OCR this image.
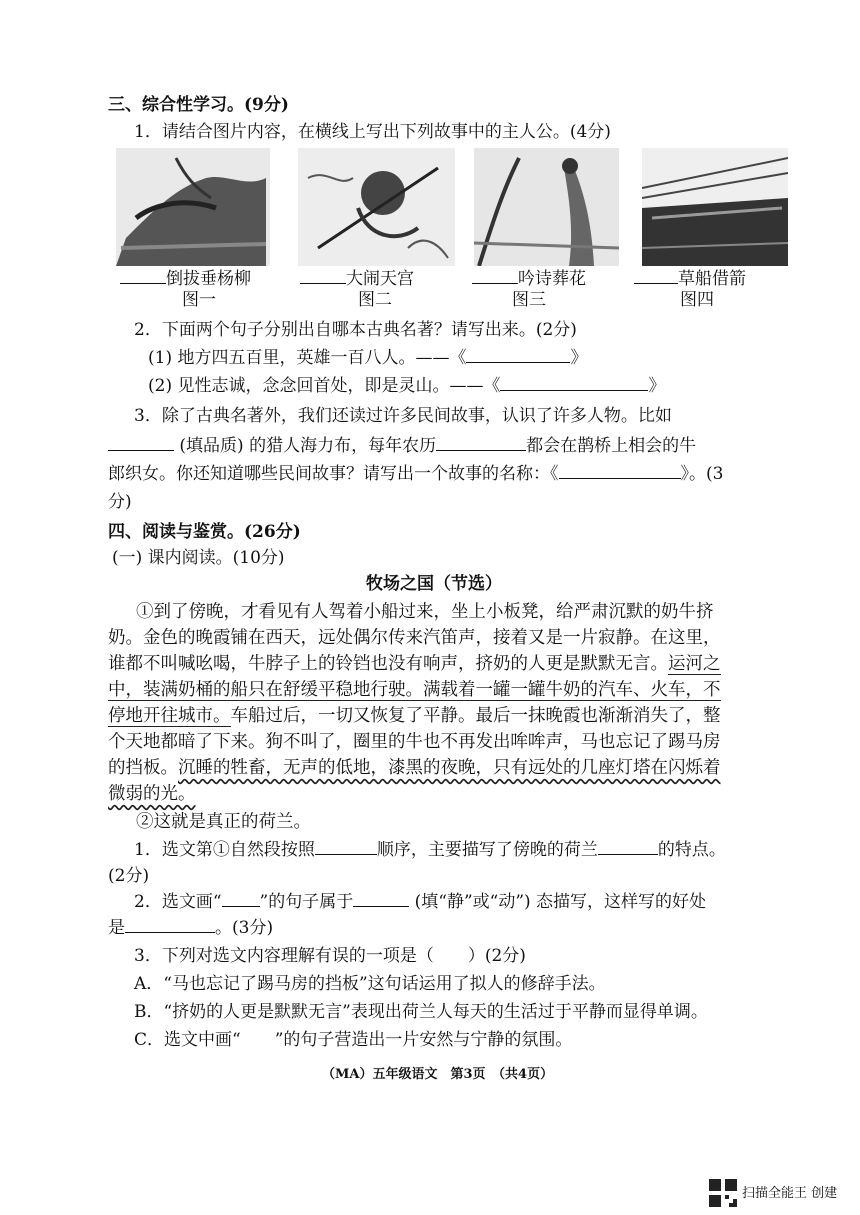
三、综合性学习。(9分)
1．请结合图片内容，在横线上写出下列故事中的主人公。(4分)
倒拔垂杨柳
图一
大闹天宫
图二
吟诗葬花
图三
草船借箭
图四
2．下面两个句子分别出自哪本古典名著？请写出来。(2分)
(1) 地方四五百里，英雄一百八人。——《	》
(2) 见性志诚，念念回首处，即是灵山。——《	》
3．除了古典名著外，我们还读过许多民间故事，认识了许多人物。比如
(填品质) 的猎人海力布，每年农历	都会在鹊桥上相会的牛
郎织女。你还知道哪些民间故事？请写出一个故事的名称：《	》。(3
分)
四、阅读与鉴赏。(26分)
(一) 课内阅读。(10分)
牧场之国（节选）
①到了傍晚，才看见有人驾着小船过来，坐上小板凳，给严肃沉默的奶牛挤
奶。金色的晚霞铺在西天，远处偶尔传来汽笛声，接着又是一片寂静。在这里，
谁都不叫喊吆喝，牛脖子上的铃铛也没有响声，挤奶的人更是默默无言。运河之
中，装满奶桶的船只在舒缓平稳地行驶。满载着一罐一罐牛奶的汽车、火车，不
停地开往城市。车船过后，一切又恢复了平静。最后一抹晚霞也渐渐消失了，整
个天地都暗了下来。狗不叫了，圈里的牛也不再发出哞哞声，马也忘记了踢马房
的挡板。沉睡的牲畜，无声的低地，漆黑的夜晚，只有远处的几座灯塔在闪烁着
微弱的光。
②这就是真正的荷兰。
1．选文第①自然段按照	顺序，主要描写了傍晚的荷兰	的特点。
(2分)
2．选文画“ ”的句子属于	(填“静”或“动”) 态描写，这样写的好处
是	。(3分)
3．下列对选文内容理解有误的一项是（　　）(2分)
A．“马也忘记了踢马房的挡板”这句话运用了拟人的修辞手法。
B．“挤奶的人更是默默无言”表现出荷兰人每天的生活过于平静而显得单调。
C．选文中画“ ”的句子营造出一片安然与宁静的氛围。
（MA）五年级语文　第3页　（共4页）
扫描全能王 创建
